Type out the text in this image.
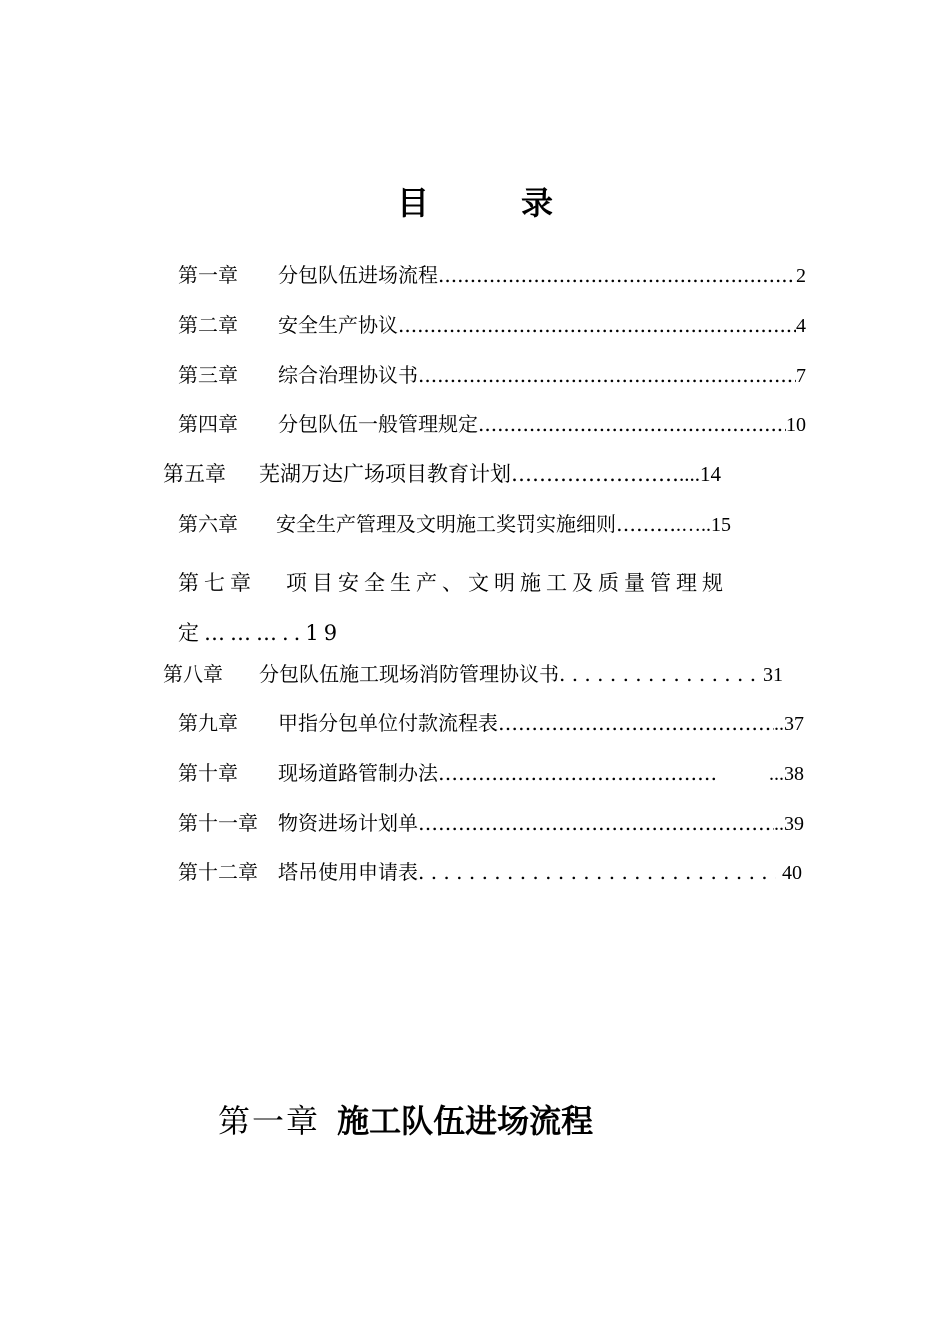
目　录
第一章	分包队伍进场流程 .....	2
第二章	安全生产协议 .....	4
第三章	综合治理协议书 .....	7
第四章	分包队伍一般管理规定 .....	10
第五章	芜湖万达广场项目教育计划 …………………… ....14
第六章	安全生产管理及文明施工奖罚实施细则 ……… .…..15
第七章 项目安全生产、文明施工及质量管理规定………..19
第八章	分包队伍施工现场消防管理协议书 . . .	31
第九章	甲指分包单位付款流程表 …………………………………………………………………………………………………………………………………………	..37
第十章	现场道路管制办法 ………...…………………………	...38
第十一章	物资进场计划单 …………………………………………………………………………………………………………………………………………	..39
第十二章	塔吊使用申请表 . . .	40
第一章 施工队伍进场流程
